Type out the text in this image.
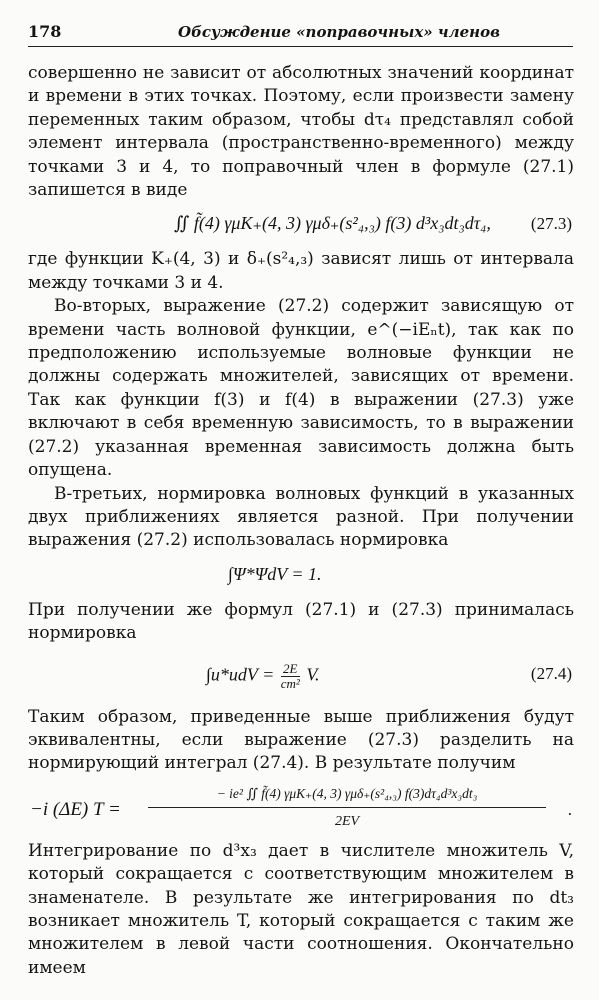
178	Обсуждение «поправочных» членов

совершенно не зависит от абсолютных значений координат и времени в этих точках. Поэтому, если произвести замену переменных таким образом, чтобы dτ₄ представлял собой элемент интервала (пространственно-временного) между точками 3 и 4, то поправочный член в формуле (27.1) запишется в виде

∬ f̃(4) γμK₊(4, 3) γμδ₊(s²₄,₃) f(3) d³x₃dt₃dτ₄, (27.3)

где функции K₊(4, 3) и δ₊(s²₄,₃) зависят лишь от интервала между точками 3 и 4.

Во-вторых, выражение (27.2) содержит зависящую от времени часть волновой функции, e^(−iEₙt), так как по предположению используемые волновые функции не должны содержать множителей, зависящих от времени. Так как функции f(3) и f(4) в выражении (27.3) уже включают в себя временную зависимость, то в выражении (27.2) указанная временная зависимость должна быть опущена.

В-третьих, нормировка волновых функций в указанных двух приближениях является разной. При получении выражения (27.2) использовалась нормировка

∫Ψ*ΨdV = 1.

При получении же формул (27.1) и (27.3) принималась нормировка

$\int u*udV = \frac{2E}{\text{cm²}} V$.	(27.4)

Таким образом, приведенные выше приближения будут эквивалентны, если выражение (27.3) разделить на нормирующий интеграл (27.4). В результате получим

−i (ΔE) T =
− ie² ∬ f̃(4) γμK₊(4, 3) γμδ₊(s²₄,₃) f(3)dτ₄d³x₃dt₃
2EV
.

Интегрирование по d³x₃ дает в числителе множитель V, который сокращается с соответствующим множителем в знаменателе. В результате же интегрирования по dt₃ возникает множитель T, который сокращается с таким же множителем в левой части соотношения. Окончательно имеем
